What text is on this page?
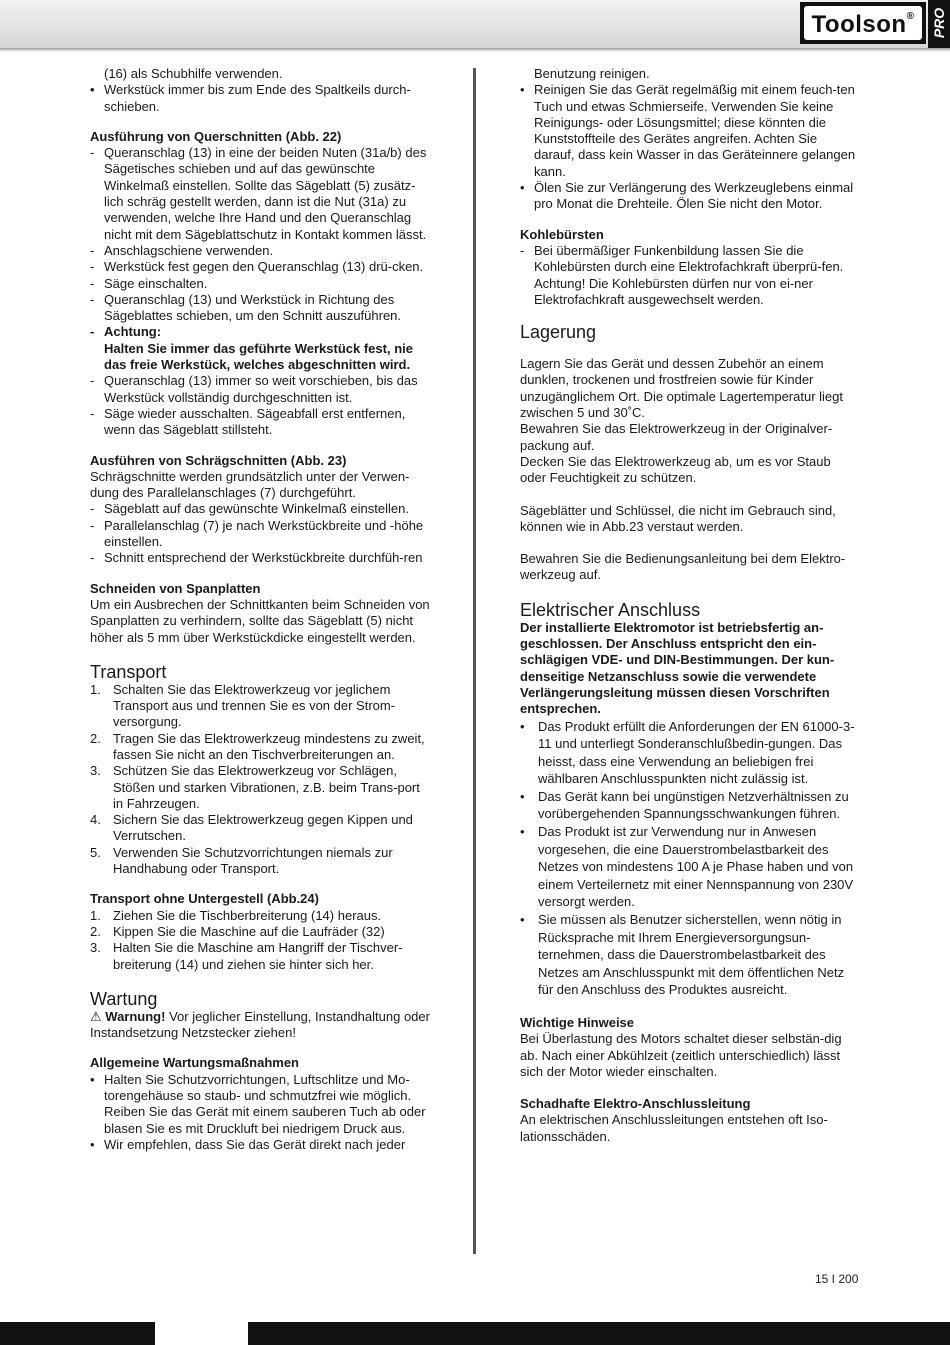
Toolson®	PRO
(16) als Schubhilfe verwenden.
• Werkstück immer bis zum Ende des Spaltkeils durch-schieben.

Ausführung von Querschnitten (Abb. 22)

- Queranschlag (13) in eine der beiden Nuten (31a/b) des Sägetisches schieben und auf das gewünschte Winkelmaß einstellen. Sollte das Sägeblatt (5) zusätz-lich schräg gestellt werden, dann ist die Nut (31a) zu verwenden, welche Ihre Hand und den Queranschlag nicht mit dem Sägeblattschutz in Kontakt kommen lässt.
- Anschlagschiene verwenden.
- Werkstück fest gegen den Queranschlag (13) drü-cken.
- Säge einschalten.
- Queranschlag (13) und Werkstück in Richtung des Sägeblattes schieben, um den Schnitt auszuführen.
- Achtung:
Halten Sie immer das geführte Werkstück fest, nie das freie Werkstück, welches abgeschnitten wird.
- Queranschlag (13) immer so weit vorschieben, bis das Werkstück vollständig durchgeschnitten ist.
- Säge wieder ausschalten. Sägeabfall erst entfernen, wenn das Sägeblatt stillsteht.

Ausführen von Schrägschnitten (Abb. 23)

Schrägschnitte werden grundsätzlich unter der Verwen-dung des Parallelanschlages (7) durchgeführt.

- Sägeblatt auf das gewünschte Winkelmaß einstellen.
- Parallelanschlag (7) je nach Werkstückbreite und -höhe einstellen.
- Schnitt entsprechend der Werkstückbreite durchfüh-ren

Schneiden von Spanplatten

Um ein Ausbrechen der Schnittkanten beim Schneiden von Spanplatten zu verhindern, sollte das Sägeblatt (5) nicht höher als 5 mm über Werkstückdicke eingestellt werden.

Transport

1. Schalten Sie das Elektrowerkzeug vor jeglichem Transport aus und trennen Sie es von der Strom-versorgung.
2. Tragen Sie das Elektrowerkzeug mindestens zu zweit, fassen Sie nicht an den Tischverbreiterungen an.
3. Schützen Sie das Elektrowerkzeug vor Schlägen, Stößen und starken Vibrationen, z.B. beim Trans-port in Fahrzeugen.
4. Sichern Sie das Elektrowerkzeug gegen Kippen und Verrutschen.
5. Verwenden Sie Schutzvorrichtungen niemals zur Handhabung oder Transport.

Transport ohne Untergestell (Abb.24)

1. Ziehen Sie die Tischberbreiterung (14) heraus.
2. Kippen Sie die Maschine auf die Laufräder (32)
3. Halten Sie die Maschine am Hangriff der Tischver-breiterung (14) und ziehen sie hinter sich her.

Wartung

⚠ Warnung! Vor jeglicher Einstellung, Instandhaltung oder Instandsetzung Netzstecker ziehen!

Allgemeine Wartungsmaßnahmen

• Halten Sie Schutzvorrichtungen, Luftschlitze und Mo-torengehäuse so staub- und schmutzfrei wie möglich. Reiben Sie das Gerät mit einem sauberen Tuch ab oder blasen Sie es mit Druckluft bei niedrigem Druck aus.
• Wir empfehlen, dass Sie das Gerät direkt nach jeder
Benutzung reinigen.
• Reinigen Sie das Gerät regelmäßig mit einem feuch-ten Tuch und etwas Schmierseife. Verwenden Sie keine Reinigungs- oder Lösungsmittel; diese könnten die Kunststoffteile des Gerätes angreifen. Achten Sie darauf, dass kein Wasser in das Geräteinnere gelangen kann.
• Ölen Sie zur Verlängerung des Werkzeuglebens einmal pro Monat die Drehteile. Ölen Sie nicht den Motor.

Kohlebürsten

- Bei übermäßiger Funkenbildung lassen Sie die Kohlebürsten durch eine Elektrofachkraft überprü-fen. Achtung! Die Kohlebürsten dürfen nur von ei-ner Elektrofachkraft ausgewechselt werden.

Lagerung

Lagern Sie das Gerät und dessen Zubehör an einem dunklen, trockenen und frostfreien sowie für Kinder unzugänglichem Ort. Die optimale Lagertemperatur liegt zwischen 5 und 30˚C.

Bewahren Sie das Elektrowerkzeug in der Originalver-packung auf.

Decken Sie das Elektrowerkzeug ab, um es vor Staub oder Feuchtigkeit zu schützen.

Sägeblätter und Schlüssel, die nicht im Gebrauch sind, können wie in Abb.23 verstaut werden.

Bewahren Sie die Bedienungsanleitung bei dem Elektro-werkzeug auf.

Elektrischer Anschluss

Der installierte Elektromotor ist betriebsfertig an-geschlossen. Der Anschluss entspricht den ein-schlägigen VDE- und DIN-Bestimmungen. Der kun-denseitige Netzanschluss sowie die verwendete Verlängerungsleitung müssen diesen Vorschriften entsprechen.

• Das Produkt erfüllt die Anforderungen der EN 61000-3-11 und unterliegt Sonderanschlußbedin-gungen. Das heisst, dass eine Verwendung an beliebigen frei wählbaren Anschlusspunkten nicht zulässig ist.
• Das Gerät kann bei ungünstigen Netzverhältnissen zu vorübergehenden Spannungsschwankungen führen.
• Das Produkt ist zur Verwendung nur in Anwesen vorgesehen, die eine Dauerstrombelastbarkeit des Netzes von mindestens 100 A je Phase haben und von einem Verteilernetz mit einer Nennspannung von 230V versorgt werden.
• Sie müssen als Benutzer sicherstellen, wenn nötig in Rücksprache mit Ihrem Energieversorgungsun-ternehmen, dass die Dauerstrombelastbarkeit des Netzes am Anschlusspunkt mit dem öffentlichen Netz für den Anschluss des Produktes ausreicht.

Wichtige Hinweise

Bei Überlastung des Motors schaltet dieser selbstän-dig ab. Nach einer Abkühlzeit (zeitlich unterschiedlich) lässt sich der Motor wieder einschalten.

Schadhafte Elektro-Anschlussleitung

An elektrischen Anschlussleitungen entstehen oft Iso-lationsschäden.

15 I 200
